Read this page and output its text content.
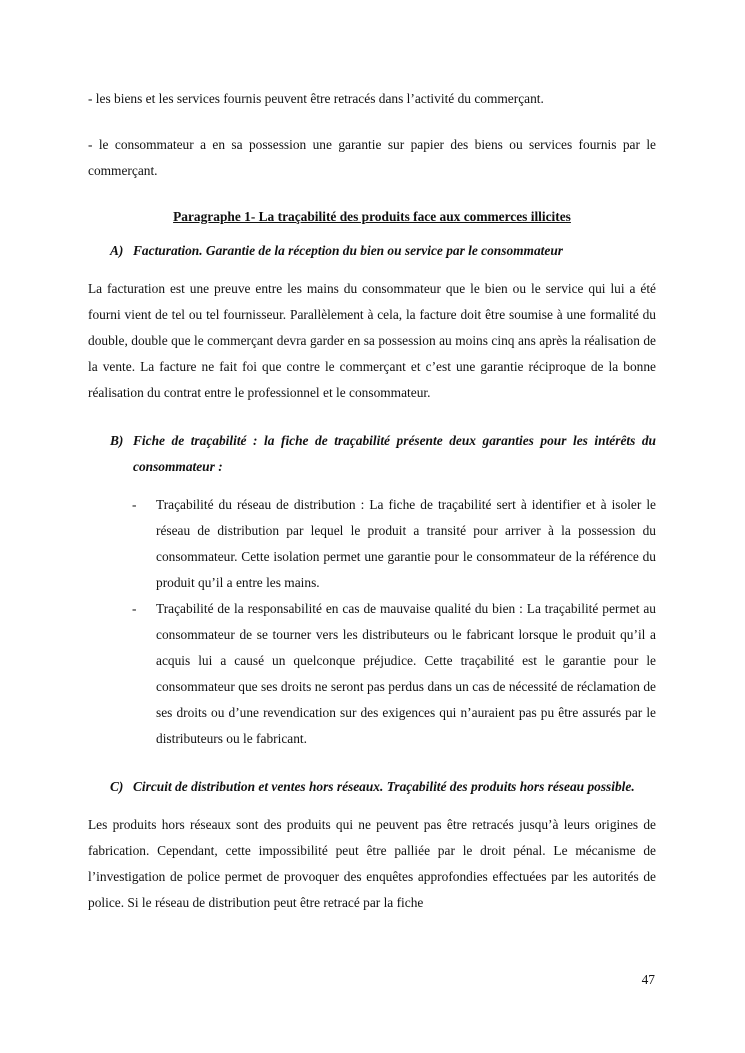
- les biens et les services fournis peuvent être retracés dans l’activité du commerçant.

- le consommateur a en sa possession une garantie sur papier des biens ou services fournis par le commerçant.

Paragraphe 1- La traçabilité des produits face aux commerces illicites

A) Facturation. Garantie de la réception du bien ou service par le consommateur

La facturation est une preuve entre les mains du consommateur que le bien ou le service qui lui a été fourni vient de tel ou tel fournisseur. Parallèlement à cela, la facture doit être soumise à une formalité du double, double que le commerçant devra garder en sa possession au moins cinq ans après la réalisation de la vente. La facture ne fait foi que contre le commerçant et c’est une garantie réciproque de la bonne réalisation du contrat entre le professionnel et le consommateur.

B) Fiche de traçabilité : la fiche de traçabilité présente deux garanties pour les intérêts du consommateur :
-	Traçabilité du réseau de distribution : La fiche de traçabilité sert à identifier et à isoler le réseau de distribution par lequel le produit a transité pour arriver à la possession du consommateur. Cette isolation permet une garantie pour le consommateur de la référence du produit qu’il a entre les mains.
-	Traçabilité de la responsabilité en cas de mauvaise qualité du bien : La traçabilité permet au consommateur de se tourner vers les distributeurs ou le fabricant lorsque le produit qu’il a acquis lui a causé un quelconque préjudice. Cette traçabilité est le garantie pour le consommateur que ses droits ne seront pas perdus dans un cas de nécessité de réclamation de ses droits ou d’une revendication sur des exigences qui n’auraient pas pu être assurés par le distributeurs ou le fabricant.
C) Circuit de distribution et ventes hors réseaux. Traçabilité des produits hors réseau possible.

Les produits hors réseaux sont des produits qui ne peuvent pas être retracés jusqu’à leurs origines de fabrication. Cependant, cette impossibilité peut être palliée par le droit pénal. Le mécanisme de l’investigation de police permet de provoquer des enquêtes approfondies effectuées par les autorités de police. Si le réseau de distribution peut être retracé par la fiche

47
